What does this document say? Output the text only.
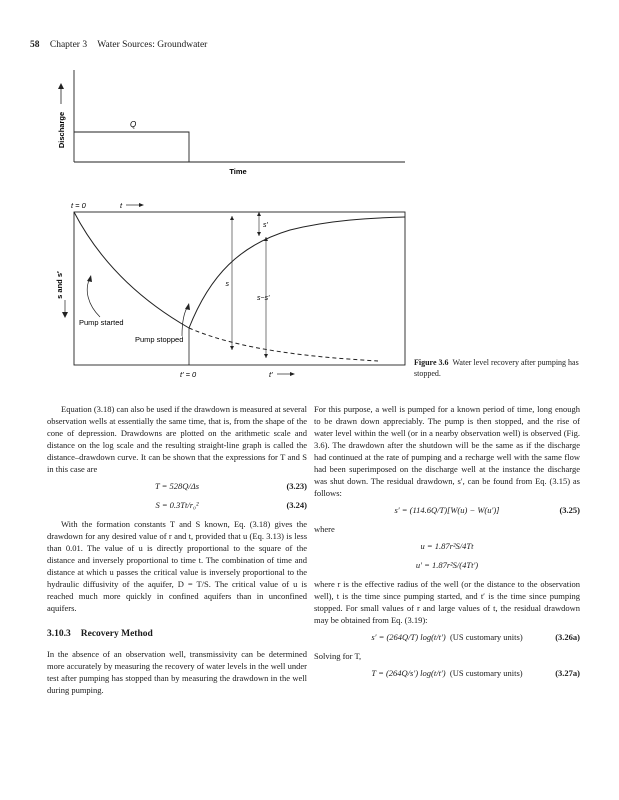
58 Chapter 3 Water Sources: Groundwater
Q
Time
Discharge
t = 0	t
s and s′
s′
s
s−s′
Pump started
Pump stopped
t′ = 0	t′
Figure 3.6 Water level recovery after pumping has stopped.

Equation (3.18) can also be used if the drawdown is measured at several observation wells at essentially the same time, that is, from the shape of the cone of depression. Drawdowns are plotted on the arithmetic scale and distance on the log scale and the resulting straight-line graph is called the distance–drawdown curve. It can be shown that the expressions for T and S in this case are

T = 528Q/Δs	(3.23)
S = 0.3Tt/r₀²	(3.24)

With the formation constants T and S known, Eq. (3.18) gives the drawdown for any desired value of r and t, provided that u (Eq. 3.13) is less than 0.01. The value of u is directly proportional to the square of the distance and inversely proportional to time t. The combination of time and distance at which u passes the critical value is inversely proportional to the hydraulic diffusivity of the aquifer, D = T/S. The critical value of u is reached much more quickly in confined aquifers than in unconfined aquifers.

3.10.3 Recovery Method

In the absence of an observation well, transmissivity can be determined more accurately by measuring the recovery of water levels in the well under test after pumping has stopped than by measuring the drawdown in the well during pumping.

For this purpose, a well is pumped for a known period of time, long enough to be drawn down appreciably. The pump is then stopped, and the rise of water level within the well (or in a nearby observation well) is observed (Fig. 3.6). The drawdown after the shutdown will be the same as if the discharge had continued at the rate of pumping and a recharge well with the same flow had been superimposed on the discharge well at the instance the discharge was shut down. The residual drawdown, s′, can be found from Eq. (3.15) as follows:

s′ = (114.6Q/T)[W(u) − W(u′)]	(3.25)

where

u = 1.87r²S/4Tt
u′ = 1.87r²S/(4Tt′)

where r is the effective radius of the well (or the distance to the observation well), t is the time since pumping started, and t′ is the time since pumping stopped. For small values of r and large values of t, the residual drawdown may be obtained from Eq. (3.19):

s′ = (264Q/T) log(t/t′) (US customary units)	(3.26a)

Solving for T,

T = (264Q/s′) log(t/t′) (US customary units)	(3.27a)
